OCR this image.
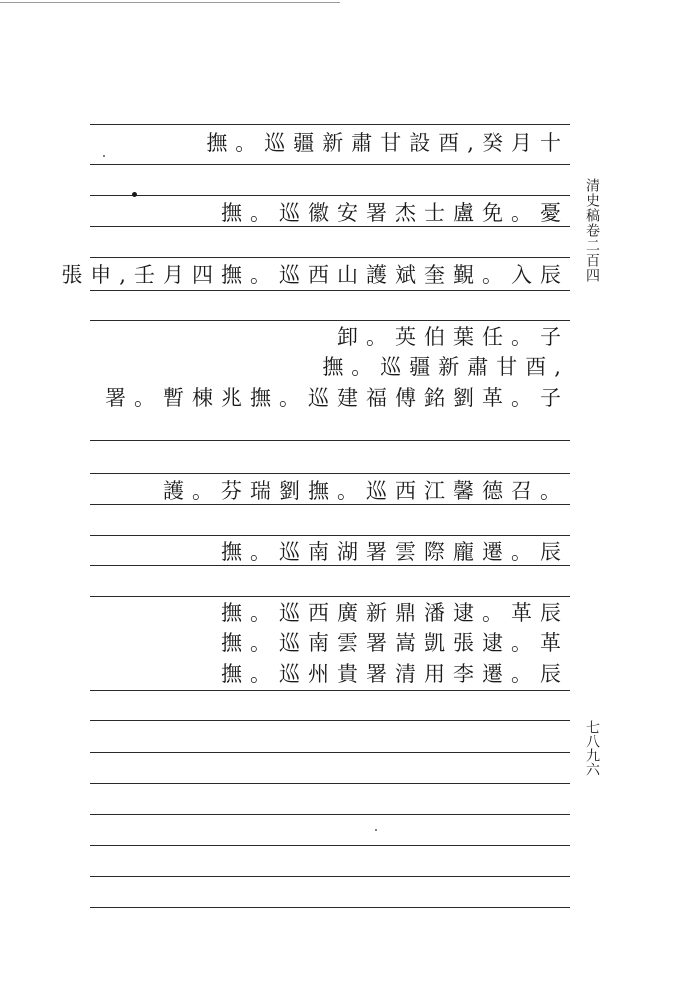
撫。巡疆新肅甘設酉,癸月十
撫。巡徽安署杰士盧免。憂
張申,壬月四撫。巡西山護斌奎覲。入辰
卸。英伯葉任。子
撫。巡疆新肅甘酉,
署。暫棟兆撫。巡建福傅銘劉革。子
護。芬瑞劉撫。巡西江馨德召。
撫。巡南湖署雲際龐遷。辰
撫。巡西廣新鼎潘逮。革辰
撫。巡南雲署嵩凱張逮。革
撫。巡州貴署清用李遷。辰
清史稿卷二百四
七八九六
